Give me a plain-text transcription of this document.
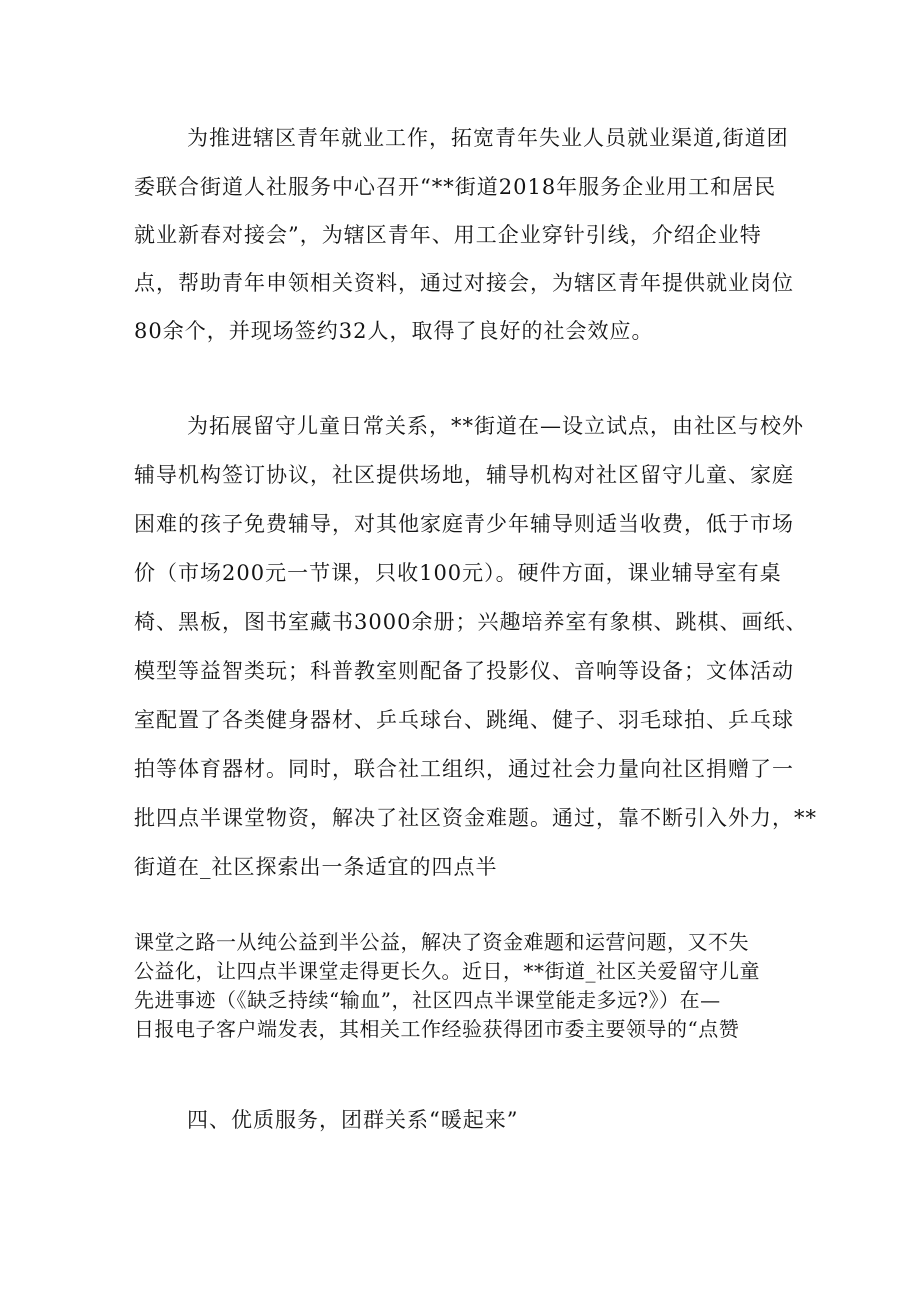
为推进辖区青年就业工作，拓宽青年失业人员就业渠道,街道团
委联合街道人社服务中心召开“**街道2018年服务企业用工和居民
就业新春对接会”，为辖区青年、用工企业穿针引线，介绍企业特
点，帮助青年申领相关资料，通过对接会，为辖区青年提供就业岗位
80余个，并现场签约32人，取得了良好的社会效应。
为拓展留守儿童日常关系，**街道在—设立试点，由社区与校外
辅导机构签订协议，社区提供场地，辅导机构对社区留守儿童、家庭
困难的孩子免费辅导，对其他家庭青少年辅导则适当收费，低于市场
价（市场200元一节课，只收100元）。硬件方面，课业辅导室有桌
椅、黑板，图书室藏书3000余册；兴趣培养室有象棋、跳棋、画纸、
模型等益智类玩；科普教室则配备了投影仪、音响等设备；文体活动
室配置了各类健身器材、乒乓球台、跳绳、健子、羽毛球拍、乒乓球
拍等体育器材。同时，联合社工组织，通过社会力量向社区捐赠了一
批四点半课堂物资，解决了社区资金难题。通过，靠不断引入外力，**
街道在_社区探索出一条适宜的四点半
课堂之路一从纯公益到半公益，解决了资金难题和运营问题，又不失
公益化，让四点半课堂走得更长久。近日，**街道_社区关爱留守儿童
先进事迹（《缺乏持续“输血”，社区四点半课堂能走多远?》）在—
日报电子客户端发表，其相关工作经验获得团市委主要领导的“点赞
四、优质服务，团群关系“暖起来”
